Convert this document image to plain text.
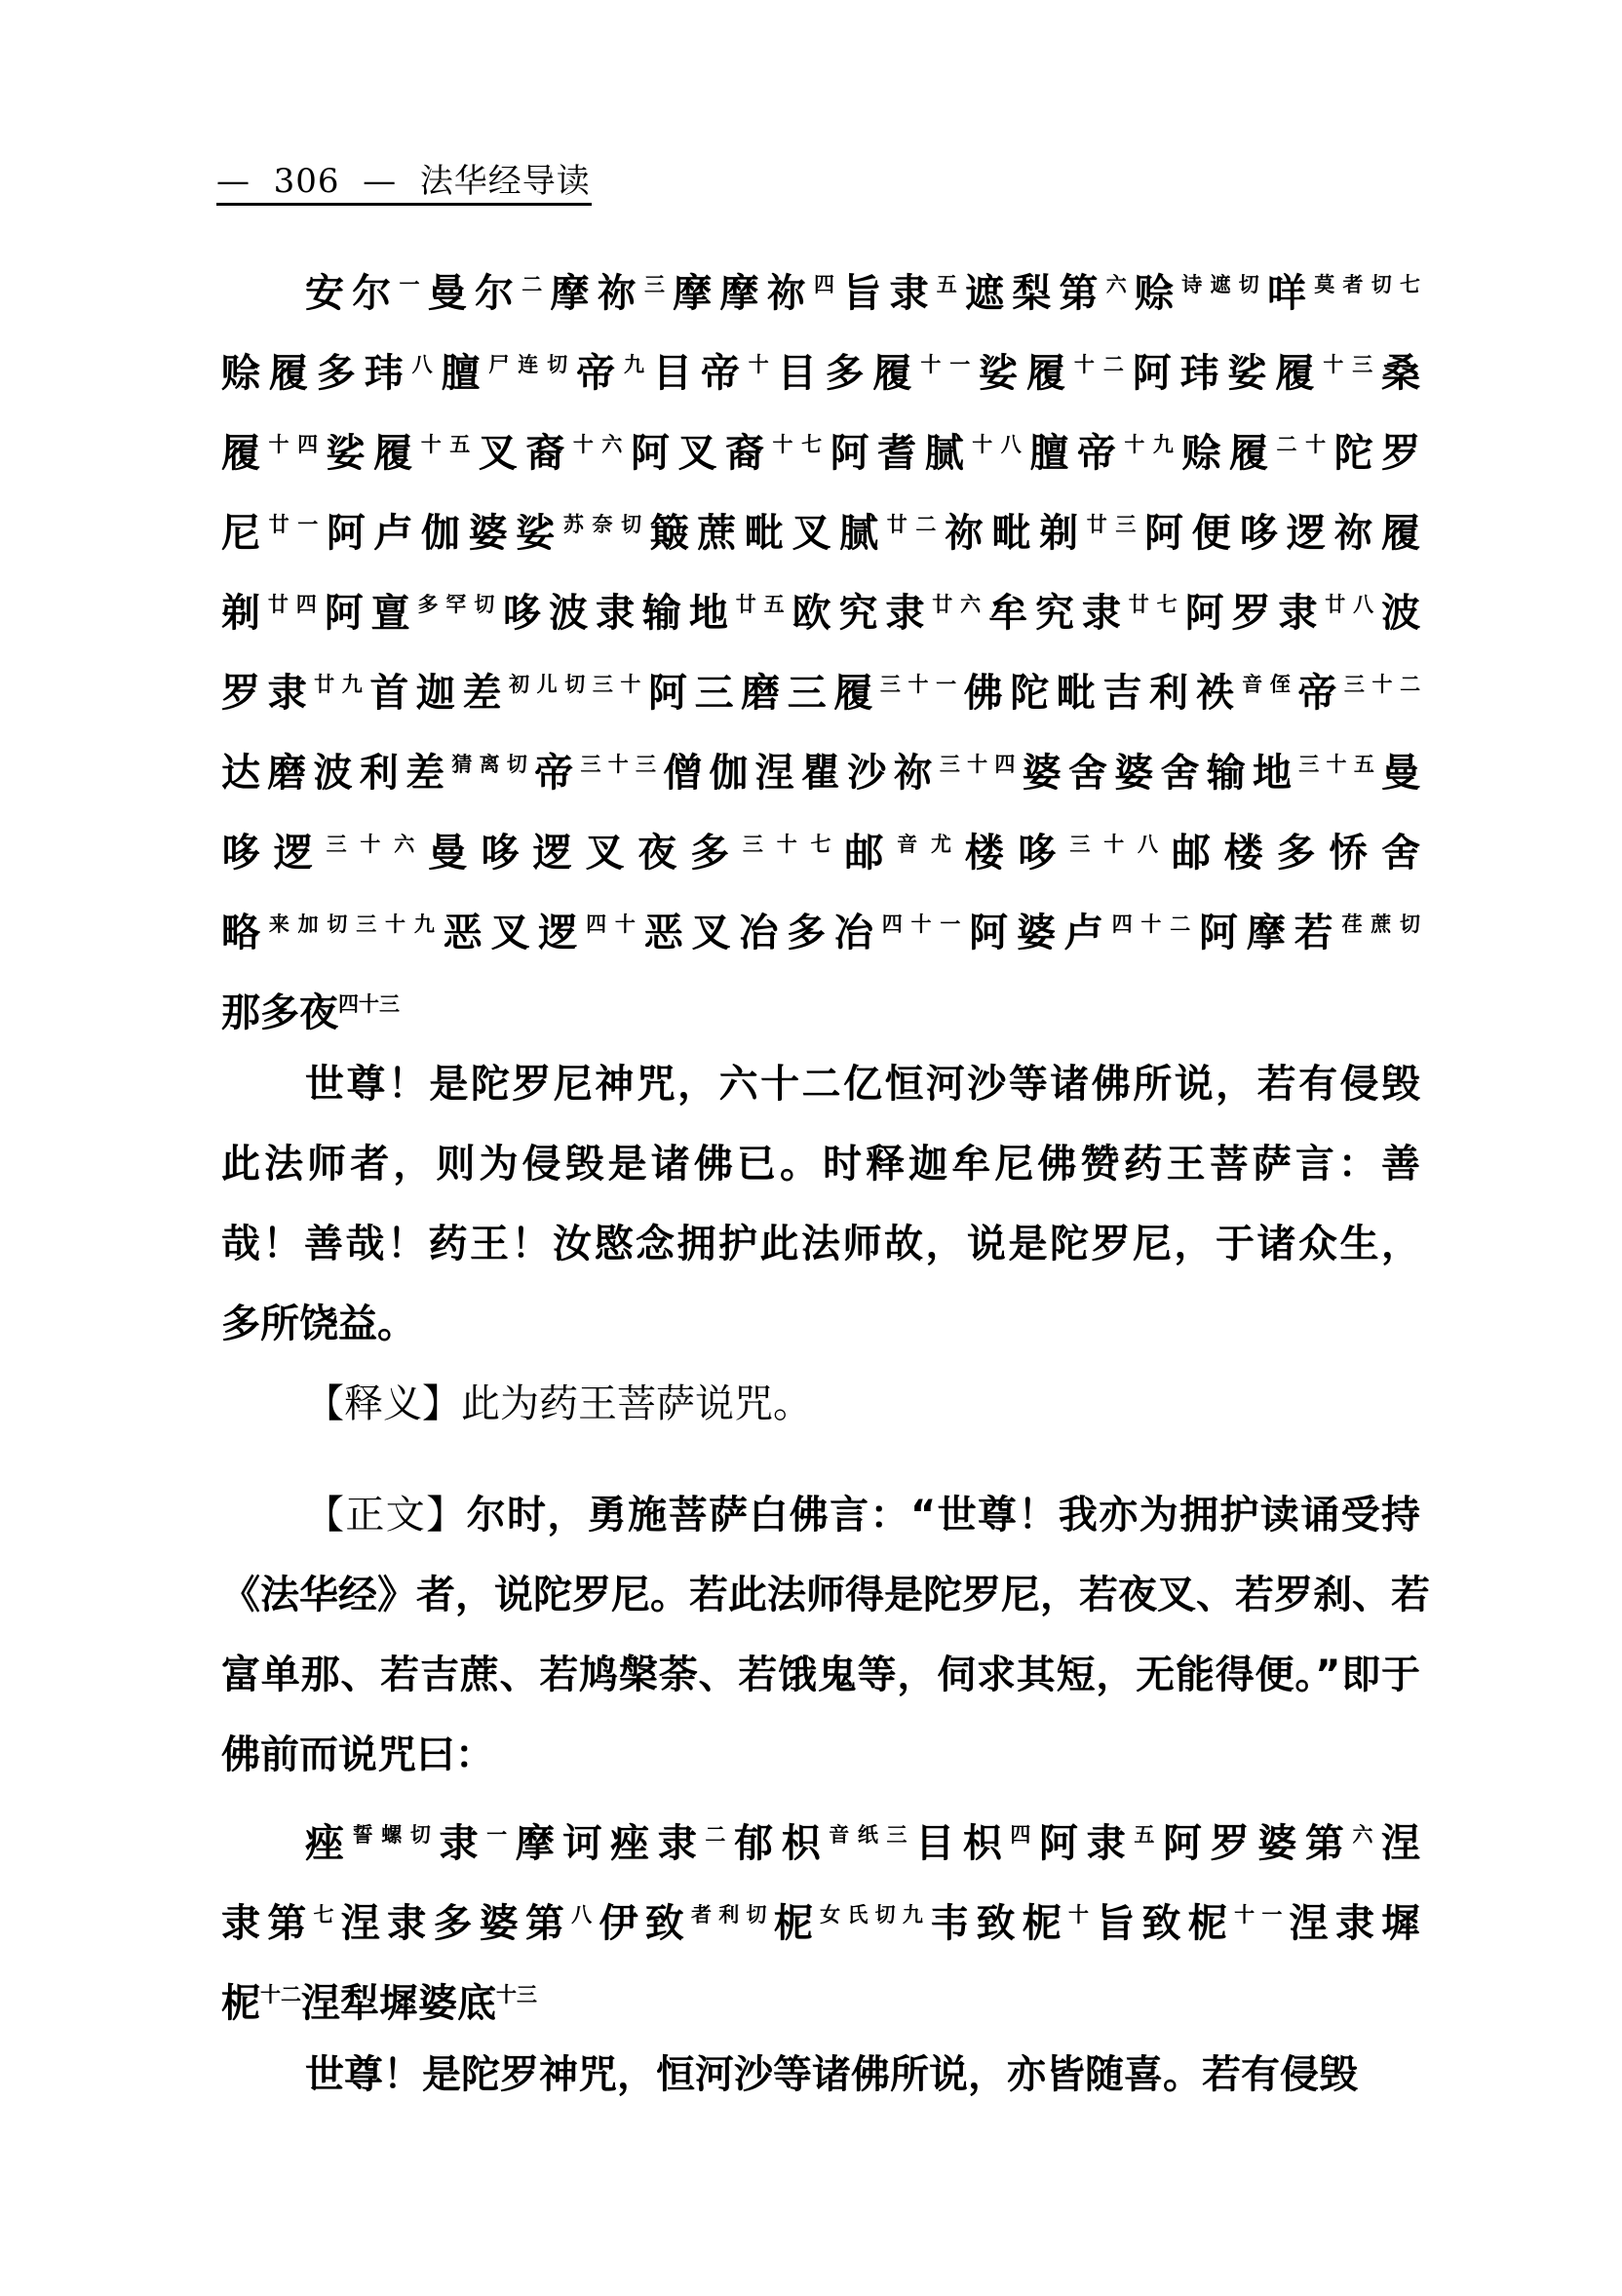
— 306 — 法华经导读
安尔$^一$曼尔$^二$摩祢$^三$摩摩祢$^四$旨隶$^五$遮梨第$^六$赊$^{诗遮切}$咩$^{莫者切七}$
赊履多玮$^八$膻$^{尸连切}$帝$^九$目帝$^十$目多履$^{十一}$娑履$^{十二}$阿玮娑履$^{十三}$桑
履$^{十四}$娑履$^{十五}$叉裔$^{十六}$阿叉裔$^{十七}$阿耆腻$^{十八}$膻帝$^{十九}$赊履$^{二十}$陀罗
尼$^{廿一}$阿卢伽婆娑$^{苏奈切}$簸蔗毗叉腻$^{廿二}$祢毗剃$^{廿三}$阿便哆逻祢履
剃$^{廿四}$阿亶$^{多罕切}$哆波隶输地$^{廿五}$欧究隶$^{廿六}$牟究隶$^{廿七}$阿罗隶$^{廿八}$波
罗隶$^{廿九}$首迦差$^{初儿切三十}$阿三磨三履$^{三十一}$佛陀毗吉利袟$^{音侄}$帝$^{三十二}$
达磨波利差$^{猜离切}$帝$^{三十三}$僧伽涅瞿沙祢$^{三十四}$婆舍婆舍输地$^{三十五}$曼
哆逻$^{三十六}$曼哆逻叉夜多$^{三十七}$邮$^{音尤}$楼哆$^{三十八}$邮楼多㤭舍
略$^{来加切三十九}$恶叉逻$^{四十}$恶叉冶多冶$^{四十一}$阿婆卢$^{四十二}$阿摩若$^{荏蔗切}$
那多夜$^{四十三}$
世尊！是陀罗尼神咒，六十二亿恒河沙等诸佛所说，若有侵毁
此法师者，则为侵毁是诸佛已。时释迦牟尼佛赞药王菩萨言：善
哉！善哉！药王！汝愍念拥护此法师故，说是陀罗尼，于诸众生，
多所饶益。
【释义】此为药王菩萨说咒。
【正文】尔时，勇施菩萨白佛言：“世尊！我亦为拥护读诵受持
《法华经》者，说陀罗尼。若此法师得是陀罗尼，若夜叉、若罗刹、若
富单那、若吉蔗、若鸠槃荼、若饿鬼等，伺求其短，无能得便。”即于
佛前而说咒曰：
痤$^{誓螺切}$隶$^一$摩诃痤隶$^二$郁枳$^{音纸三}$目枳$^四$阿隶$^五$阿罗婆第$^六$涅
隶第$^七$涅隶多婆第$^八$伊致$^{者利切}$柅$^{女氏切九}$韦致柅$^十$旨致柅$^{十一}$涅隶墀
柅$^{十二}$涅犁墀婆底$^{十三}$
世尊！是陀罗神咒，恒河沙等诸佛所说，亦皆随喜。若有侵毁
